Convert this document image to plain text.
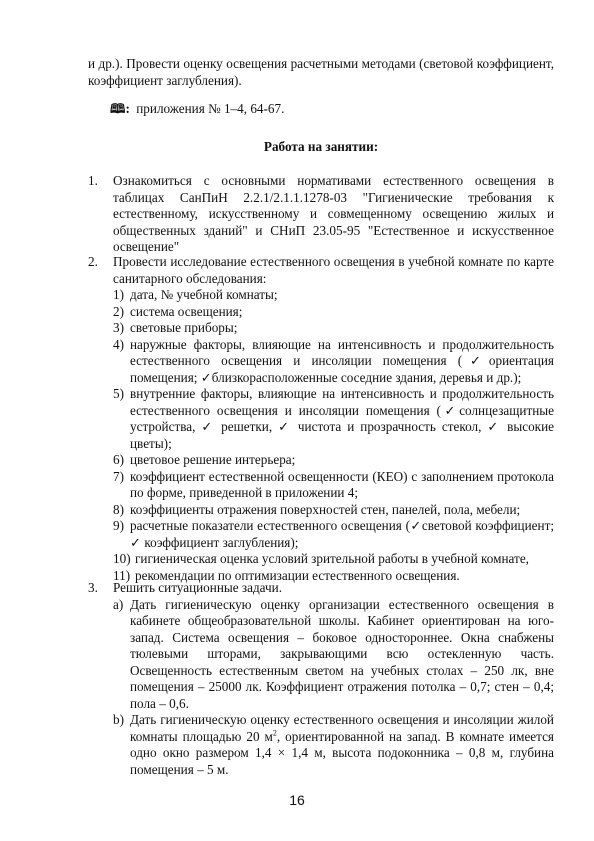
и др.). Провести оценку освещения расчетными методами (световой коэффициент, коэффициент заглубления).
🕮: приложения № 1–4, 64-67.
Работа на занятии:
1.	Ознакомиться с основными нормативами естественного освещения в таблицах СанПиН 2.2.1/2.1.1.1278-03 "Гигиенические требования к естественному, искусственному и совмещенному освещению жилых и общественных зданий" и СНиП 23.05-95 "Естественное и искусственное освещение"
2.	Провести исследование естественного освещения в учебной комнате по карте санитарного обследования:
1) дата, № учебной комнаты;
2) система освещения;
3) световые приборы;
4) наружные факторы, влияющие на интенсивность и продолжительность естественного освещения и инсоляции помещения (✓ориентация помещения; ✓близкорасположенные соседние здания, деревья и др.);
5) внутренние факторы, влияющие на интенсивность и продолжительность естественного освещения и инсоляции помещения (✓солнцезащитные устройства, ✓ решетки, ✓ чистота и прозрачность стекол, ✓ высокие цветы);
6) цветовое решение интерьера;
7) коэффициент естественной освещенности (КЕО) с заполнением протокола по форме, приведенной в приложении 4;
8) коэффициенты отражения поверхностей стен, панелей, пола, мебели;
9) расчетные показатели естественного освещения (✓световой коэффициент; ✓ коэффициент заглубления);
10) гигиеническая оценка условий зрительной работы в учебной комнате,
11) рекомендации по оптимизации естественного освещения.
3.	Решить ситуационные задачи.
a) Дать гигиеническую оценку организации естественного освещения в кабинете общеобразовательной школы. Кабинет ориентирован на юго-запад. Система освещения – боковое одностороннее. Окна снабжены тюлевыми шторами, закрывающими всю остекленную часть. Освещенность естественным светом на учебных столах – 250 лк, вне помещения – 25000 лк. Коэффициент отражения потолка – 0,7; стен – 0,4; пола – 0,6.
b) Дать гигиеническую оценку естественного освещения и инсоляции жилой комнаты площадью 20 $м^2$, ориентированной на запад. В комнате имеется одно окно размером 1,4 × 1,4 м, высота подоконника – 0,8 м, глубина помещения – 5 м.
16
